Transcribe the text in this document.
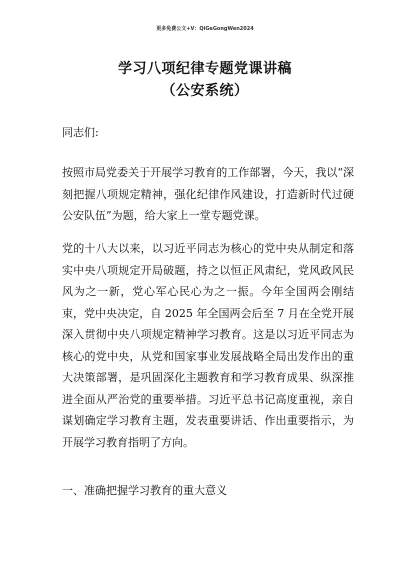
更多免费公文+V：QiGeGongWen2024
学习八项纪律专题党课讲稿
（公安系统）
同志们:
按照市局党委关于开展学习教育的工作部署，今天，我以“深刻把握八项规定精神，强化纪律作风建设，打造新时代过硬公安队伍”为题，给大家上一堂专题党课。
党的十八大以来，以习近平同志为核心的党中央从制定和落实中央八项规定开局破题，持之以恒正风肃纪，党风政风民风为之一新，党心军心民心为之一振。今年全国两会刚结束，党中央决定，自 2025 年全国两会后至 7 月在全党开展深入贯彻中央八项规定精神学习教育。这是以习近平同志为核心的党中央，从党和国家事业发展战略全局出发作出的重大决策部署，是巩固深化主题教育和学习教育成果、纵深推进全面从严治党的重要举措。习近平总书记高度重视，亲自谋划确定学习教育主题，发表重要讲话、作出重要指示，为开展学习教育指明了方向。
一、准确把握学习教育的重大意义
